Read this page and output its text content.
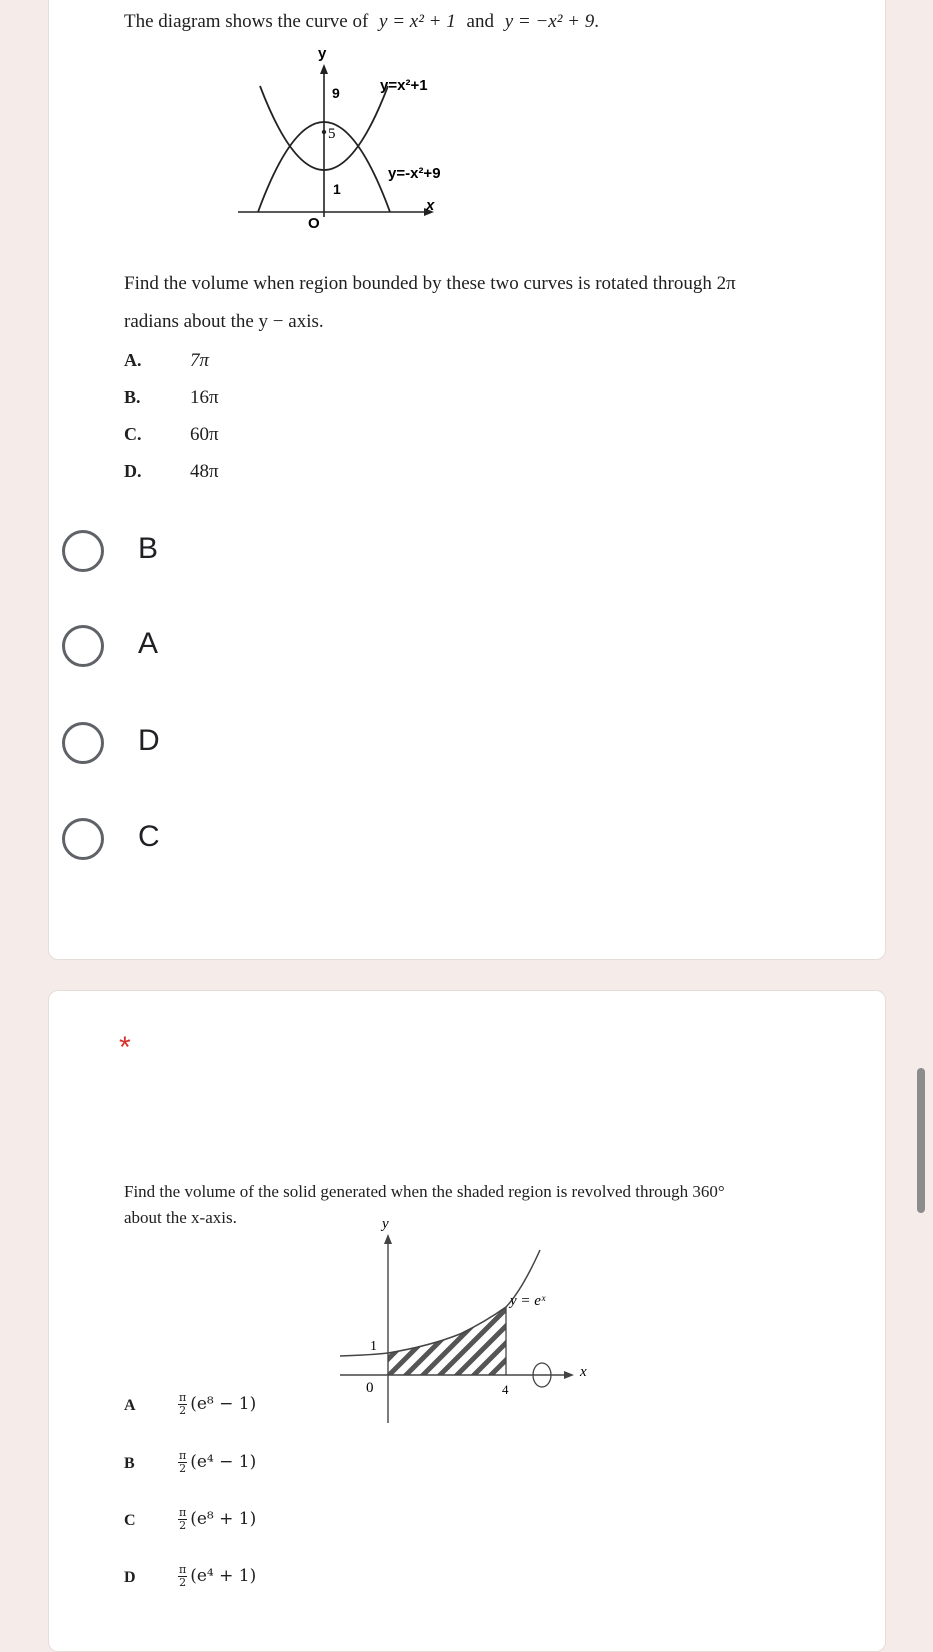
The diagram shows the curve of y = x² + 1 and y = −x² + 9.
y
9
5
1
O
x
y=x²+1
y=-x²+9
Find the volume when region bounded by these two curves is rotated through 2π
radians about the y − axis.
A.	7π
B.	16π
C.	60π
D.	48π
B
A
D
C
*
Find the volume of the solid generated when the shaded region is revolved through 360°
about the x-axis.	y
x
1
0	4
y = eˣ
A	$\frac{\pi}{2} (e^8 - 1)$
B	$\frac{\pi}{2} (e^4 - 1)$
C	$\frac{\pi}{2} (e^8 + 1)$
D	$\frac{\pi}{2} (e^4 + 1)$
